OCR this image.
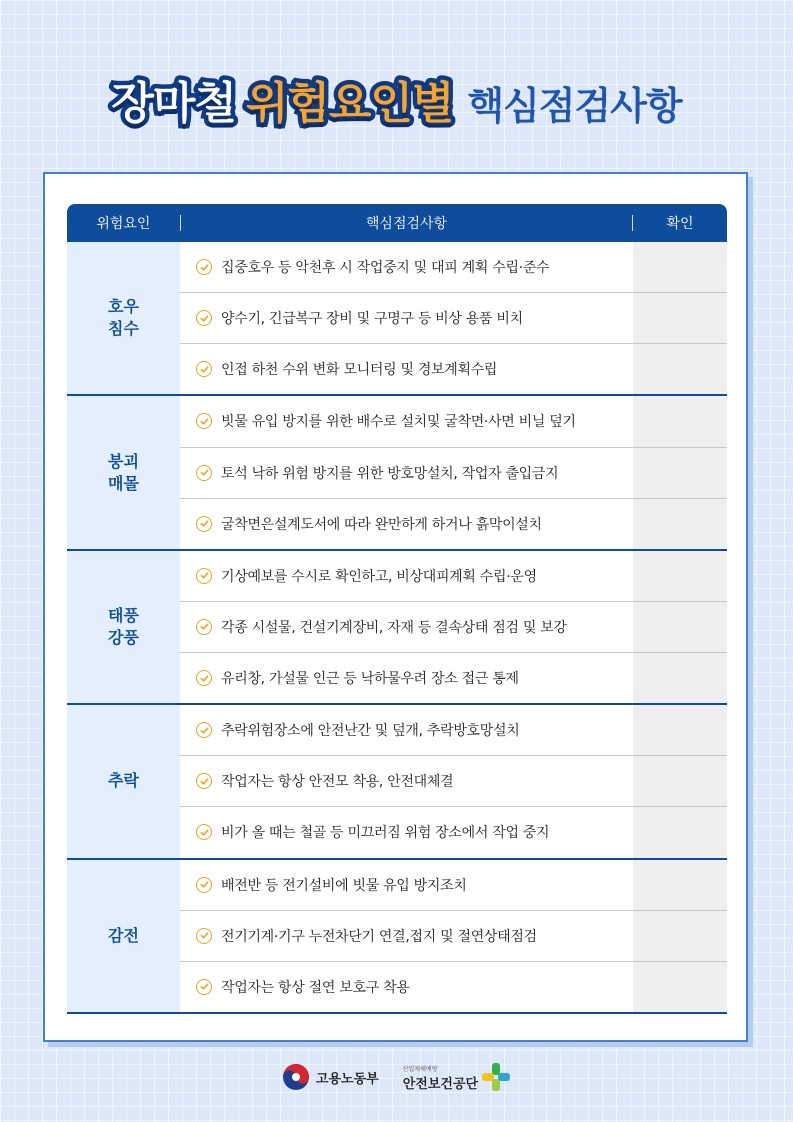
장마철 위험요인별 핵심점검사항
위험요인	핵심점검사항	확인
호우
침수
집중호우 등 악천후 시 작업중지 및 대피 계획 수립·준수
양수기, 긴급복구 장비 및 구명구 등 비상 용품 비치
인접 하천 수위 변화 모니터링 및 경보계획수립
붕괴
매몰
빗물 유입 방지를 위한 배수로 설치및 굴착면·사면 비닐 덮기
토석 낙하 위험 방지를 위한 방호망설치, 작업자 출입금지
굴착면은설계도서에 따라 완만하게 하거나 흙막이설치
태풍
강풍
기상예보를 수시로 확인하고, 비상대피계획 수립·운영
각종 시설물, 건설기계장비, 자재 등 결속상태 점검 및 보강
유리창, 가설물 인근 등 낙하물우려 장소 접근 통제
추락
추락위험장소에 안전난간 및 덮개, 추락방호망설치
작업자는 항상 안전모 착용, 안전대체결
비가 올 때는 철골 등 미끄러짐 위험 장소에서 작업 중지
감전
배전반 등 전기설비에 빗물 유입 방지조치
전기기계·기구 누전차단기 연결,접지 및 절연상태점검
작업자는 항상 절연 보호구 착용
고용노동부
산업재해예방
안전보건공단
